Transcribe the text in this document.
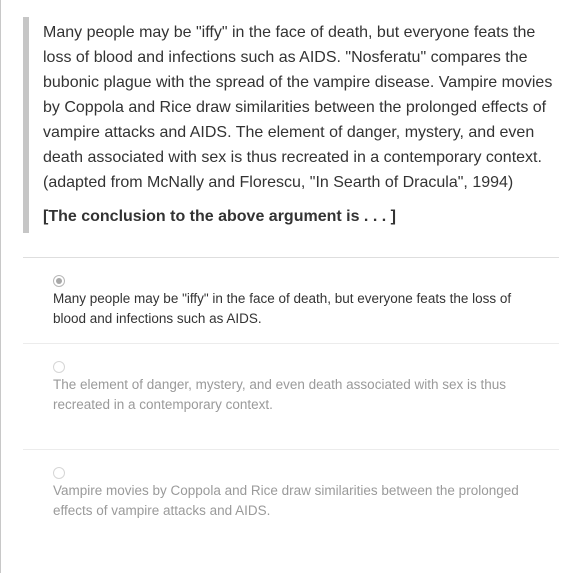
Many people may be "iffy" in the face of death, but everyone feats the loss of blood and infections such as AIDS. "Nosferatu" compares the bubonic plague with the spread of the vampire disease. Vampire movies by Coppola and Rice draw similarities between the prolonged effects of vampire attacks and AIDS. The element of danger, mystery, and even death associated with sex is thus recreated in a contemporary context. (adapted from McNally and Florescu, "In Searth of Dracula", 1994)

[The conclusion to the above argument is . . . ]

Many people may be "iffy" in the face of death, but everyone feats the loss of blood and infections such as AIDS.

The element of danger, mystery, and even death associated with sex is thus recreated in a contemporary context.

Vampire movies by Coppola and Rice draw similarities between the prolonged effects of vampire attacks and AIDS.
